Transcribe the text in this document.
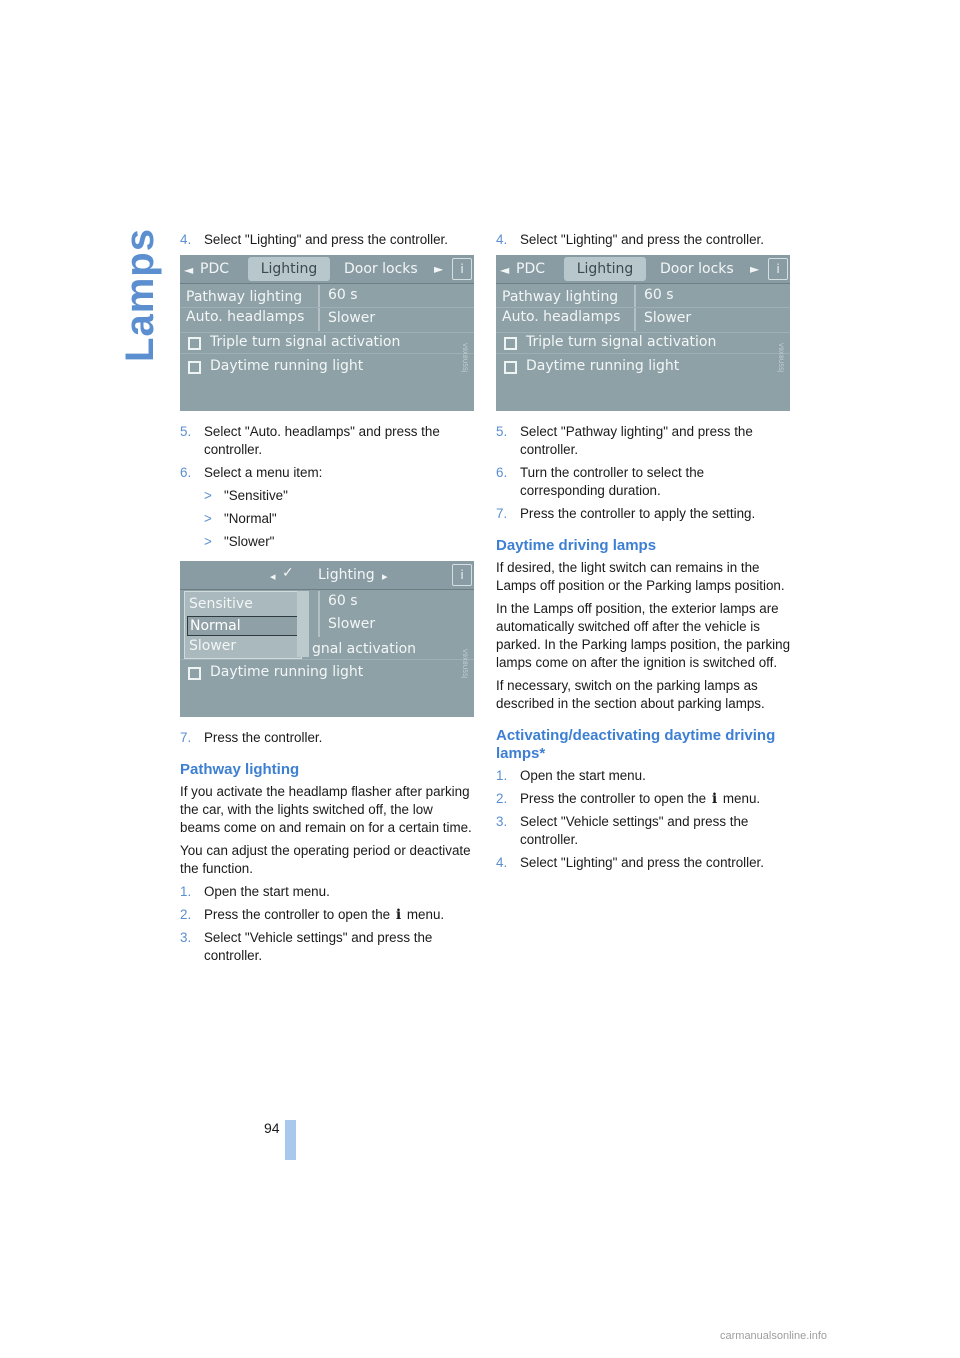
Lamps 4. Select "Lighting" and press the controller.
◄ PDC	Lighting	Door locks ►	i
Pathway lighting
Auto. headlamps
60 s
Slower
Triple turn signal activation
Daytime running light	V9X8U5SJ
5. Select "Auto. headlamps" and press the controller.
6. Select a menu item:
> "Sensitive"
> "Normal"
> "Slower"
◂ ✓ Lighting ▸	i
60 s
Slower
gnal activation
Daytime running light
Sensitive
Normal
Slower
V9X8U5SJ
7. Press the controller.
Pathway lighting
If you activate the headlamp flasher after parking the car, with the lights switched off, the low beams come on and remain on for a certain time.
You can adjust the operating period or deactivate the function.
1. Open the start menu.
2. Press the controller to open the i menu.
3. Select "Vehicle settings" and press the controller.
4. Select "Lighting" and press the controller.
◄ PDC	Lighting	Door locks ►	i
Pathway lighting
Auto. headlamps
60 s
Slower
Triple turn signal activation
Daytime running light	V9X8U5SJ
5. Select "Pathway lighting" and press the controller.
6. Turn the controller to select the corresponding duration.
7. Press the controller to apply the setting.
Daytime driving lamps
If desired, the light switch can remains in the Lamps off position or the Parking lamps position.
In the Lamps off position, the exterior lamps are automatically switched off after the vehicle is parked. In the Parking lamps position, the parking lamps come on after the ignition is switched off.
If necessary, switch on the parking lamps as described in the section about parking lamps.
Activating/deactivating daytime driving lamps*
1. Open the start menu.
2. Press the controller to open the i menu.
3. Select "Vehicle settings" and press the controller.
4. Select "Lighting" and press the controller.
94
carmanualsonline.info
